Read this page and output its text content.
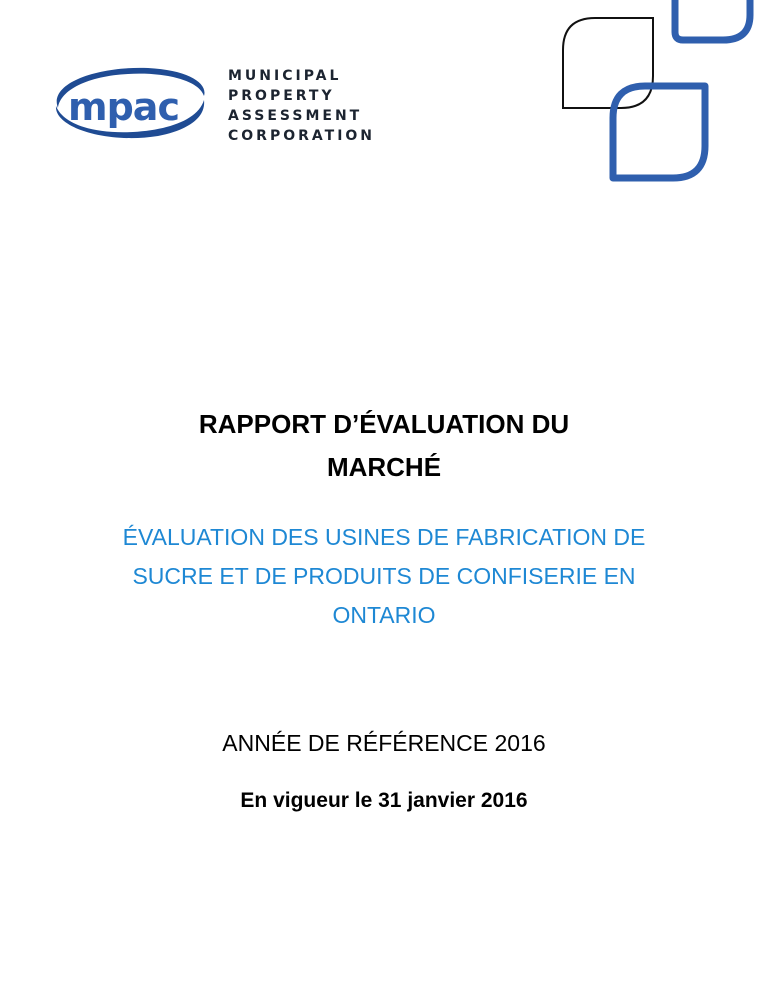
mpac
MUNICIPAL
PROPERTY
ASSESSMENT
CORPORATION
RAPPORT D’ÉVALUATION DU
MARCHÉ
ÉVALUATION DES USINES DE FABRICATION DE
SUCRE ET DE PRODUITS DE CONFISERIE EN
ONTARIO
ANNÉE DE RÉFÉRENCE 2016
En vigueur le 31 janvier 2016
